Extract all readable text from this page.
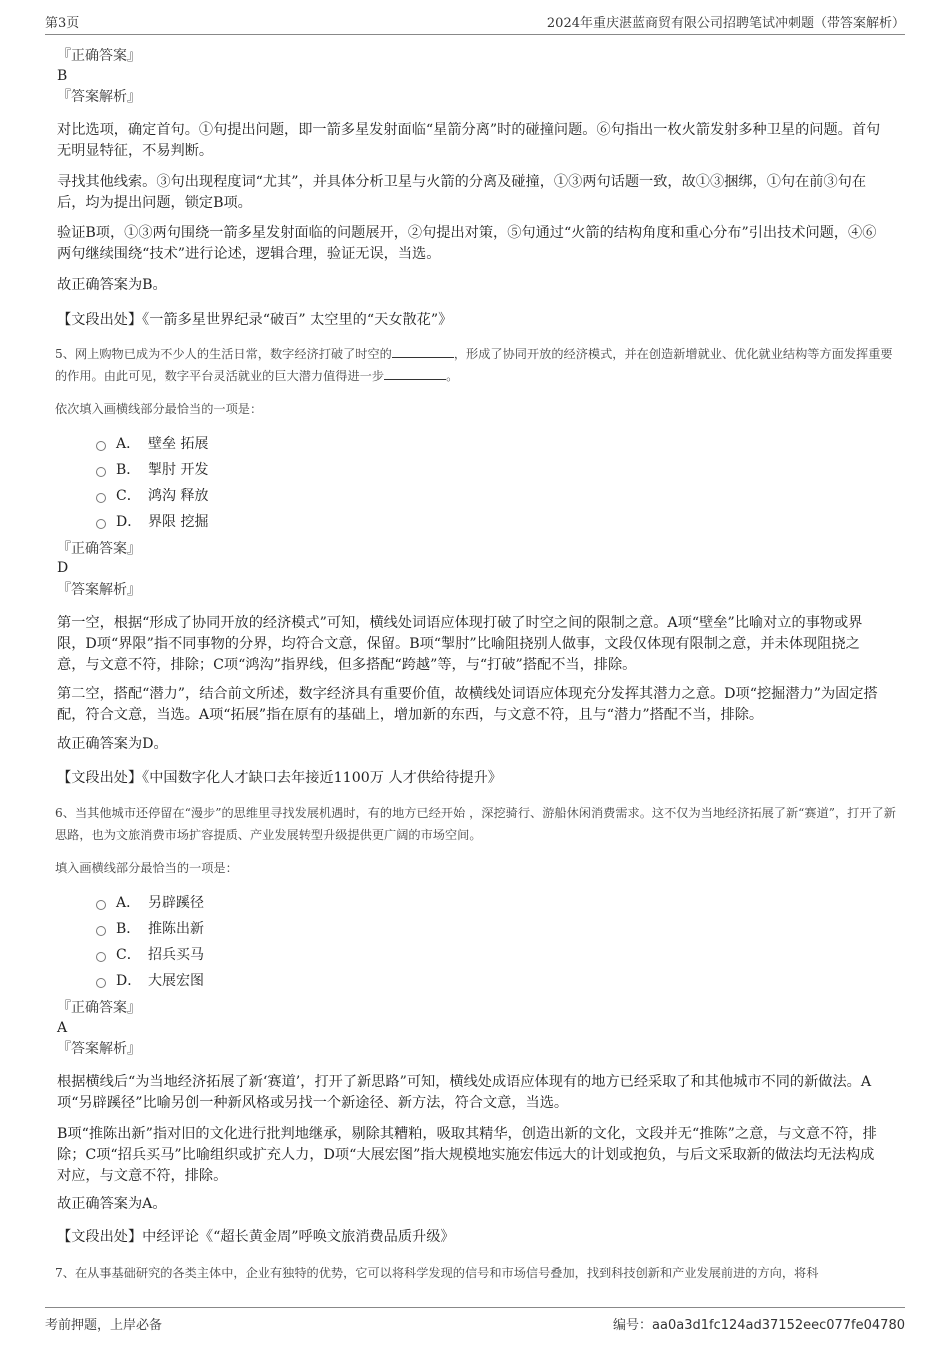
第3页	2024年重庆湛蓝商贸有限公司招聘笔试冲刺题（带答案解析）
『正确答案』
B
『答案解析』
对比选项，确定首句。①句提出问题，即一箭多星发射面临“星箭分离”时的碰撞问题。⑥句指出一枚火箭发射多种卫星的问题。首句无明显特征，不易判断。
寻找其他线索。③句出现程度词“尤其”，并具体分析卫星与火箭的分离及碰撞，①③两句话题一致，故①③捆绑，①句在前③句在后，均为提出问题，锁定B项。
验证B项，①③两句围绕一箭多星发射面临的问题展开，②句提出对策，⑤句通过“火箭的结构角度和重心分布”引出技术问题，④⑥两句继续围绕“技术”进行论述，逻辑合理，验证无误，当选。
故正确答案为B。
【文段出处】《一箭多星世界纪录“破百” 太空里的“天女散花”》
5、网上购物已成为不少人的生活日常，数字经济打破了时空的	，形成了协同开放的经济模式，并在创造新增就业、优化就业结构等方面发挥重要的作用。由此可见，数字平台灵活就业的巨大潜力值得进一步	。
依次填入画横线部分最恰当的一项是：
A． 壁垒 拓展
B． 掣肘 开发
C． 鸿沟 释放
D． 界限 挖掘
『正确答案』
D
『答案解析』
第一空，根据“形成了协同开放的经济模式”可知，横线处词语应体现打破了时空之间的限制之意。A项“壁垒”比喻对立的事物或界限，D项“界限”指不同事物的分界，均符合文意，保留。B项“掣肘”比喻阻挠别人做事，文段仅体现有限制之意，并未体现阻挠之意，与文意不符，排除；C项“鸿沟”指界线，但多搭配“跨越”等，与“打破”搭配不当，排除。
第二空，搭配“潜力”，结合前文所述，数字经济具有重要价值，故横线处词语应体现充分发挥其潜力之意。D项“挖掘潜力”为固定搭配，符合文意，当选。A项“拓展”指在原有的基础上，增加新的东西，与文意不符，且与“潜力”搭配不当，排除。
故正确答案为D。
【文段出处】《中国数字化人才缺口去年接近1100万 人才供给待提升》
6、当其他城市还停留在“漫步”的思维里寻找发展机遇时，有的地方已经开始 ，深挖骑行、游船休闲消费需求。这不仅为当地经济拓展了新“赛道”，打开了新思路，也为文旅消费市场扩容提质、产业发展转型升级提供更广阔的市场空间。
填入画横线部分最恰当的一项是：
A． 另辟蹊径
B． 推陈出新
C． 招兵买马
D． 大展宏图
『正确答案』
A
『答案解析』
根据横线后“为当地经济拓展了新‘赛道’，打开了新思路”可知，横线处成语应体现有的地方已经采取了和其他城市不同的新做法。A项“另辟蹊径”比喻另创一种新风格或另找一个新途径、新方法，符合文意，当选。
B项“推陈出新”指对旧的文化进行批判地继承，剔除其糟粕，吸取其精华，创造出新的文化，文段并无“推陈”之意，与文意不符，排除；C项“招兵买马”比喻组织或扩充人力，D项“大展宏图”指大规模地实施宏伟远大的计划或抱负，与后文采取新的做法均无法构成对应，与文意不符，排除。
故正确答案为A。
【文段出处】中经评论《“超长黄金周”呼唤文旅消费品质升级》
7、在从事基础研究的各类主体中，企业有独特的优势，它可以将科学发现的信号和市场信号叠加，找到科技创新和产业发展前进的方向，将科
考前押题，上岸必备	编号：aa0a3d1fc124ad37152eec077fe04780
